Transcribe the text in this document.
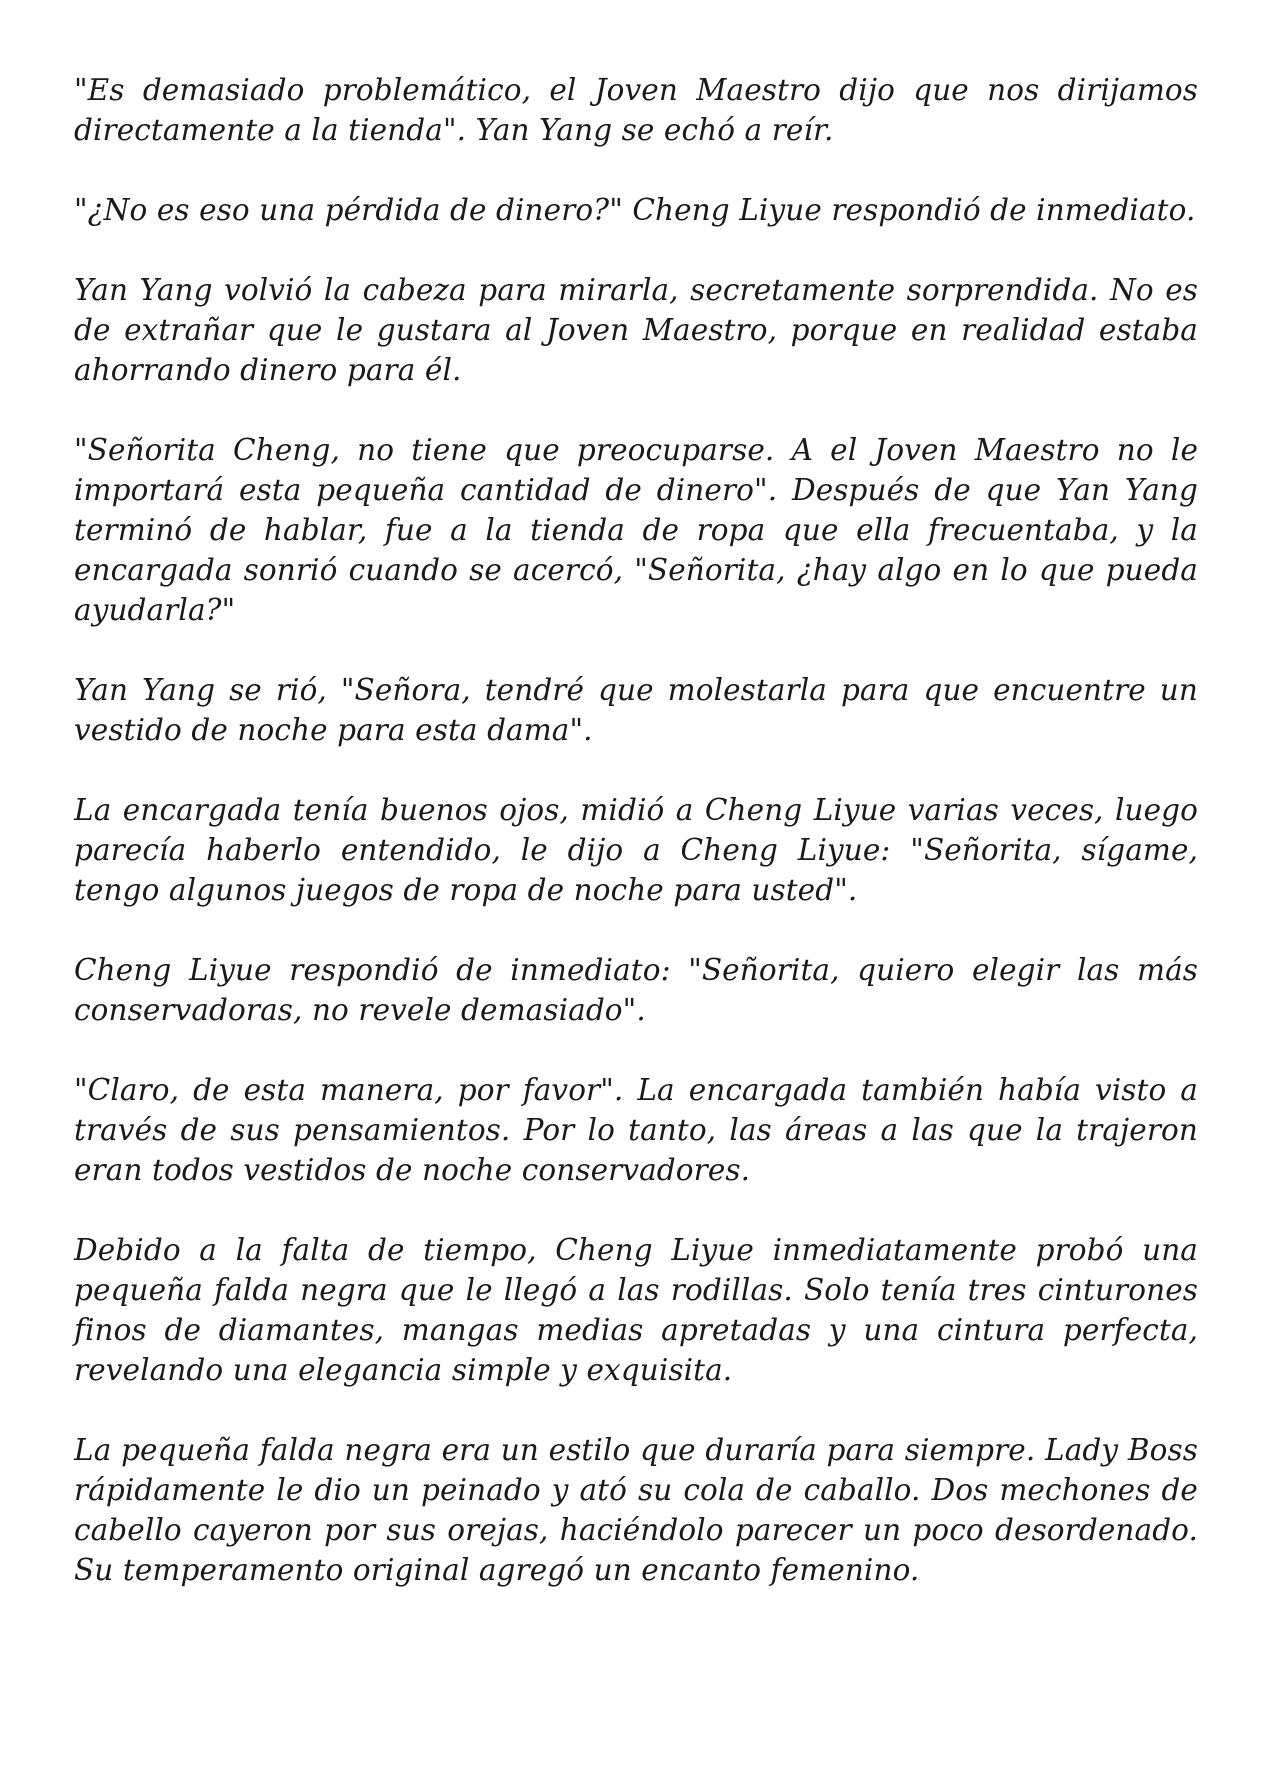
"Es demasiado problemático, el Joven Maestro dijo que nos dirijamos directamente a la tienda". Yan Yang se echó a reír.

"¿No es eso una pérdida de dinero?" Cheng Liyue respondió de inmediato.

Yan Yang volvió la cabeza para mirarla, secretamente sorprendida. No es de extrañar que le gustara al Joven Maestro, porque en realidad estaba ahorrando dinero para él.

"Señorita Cheng, no tiene que preocuparse. A el Joven Maestro no le importará esta pequeña cantidad de dinero". Después de que Yan Yang terminó de hablar, fue a la tienda de ropa que ella frecuentaba, y la encargada sonrió cuando se acercó, "Señorita, ¿hay algo en lo que pueda ayudarla?"

Yan Yang se rió, "Señora, tendré que molestarla para que encuentre un vestido de noche para esta dama".

La encargada tenía buenos ojos, midió a Cheng Liyue varias veces, luego parecía haberlo entendido, le dijo a Cheng Liyue: "Señorita, sígame, tengo algunos juegos de ropa de noche para usted".

Cheng Liyue respondió de inmediato: "Señorita, quiero elegir las más conservadoras, no revele demasiado".

"Claro, de esta manera, por favor". La encargada también había visto a través de sus pensamientos. Por lo tanto, las áreas a las que la trajeron eran todos vestidos de noche conservadores.

Debido a la falta de tiempo, Cheng Liyue inmediatamente probó una pequeña falda negra que le llegó a las rodillas. Solo tenía tres cinturones finos de diamantes, mangas medias apretadas y una cintura perfecta, revelando una elegancia simple y exquisita.

La pequeña falda negra era un estilo que duraría para siempre. Lady Boss rápidamente le dio un peinado y ató su cola de caballo. Dos mechones de cabello cayeron por sus orejas, haciéndolo parecer un poco desordenado. Su temperamento original agregó un encanto femenino.
